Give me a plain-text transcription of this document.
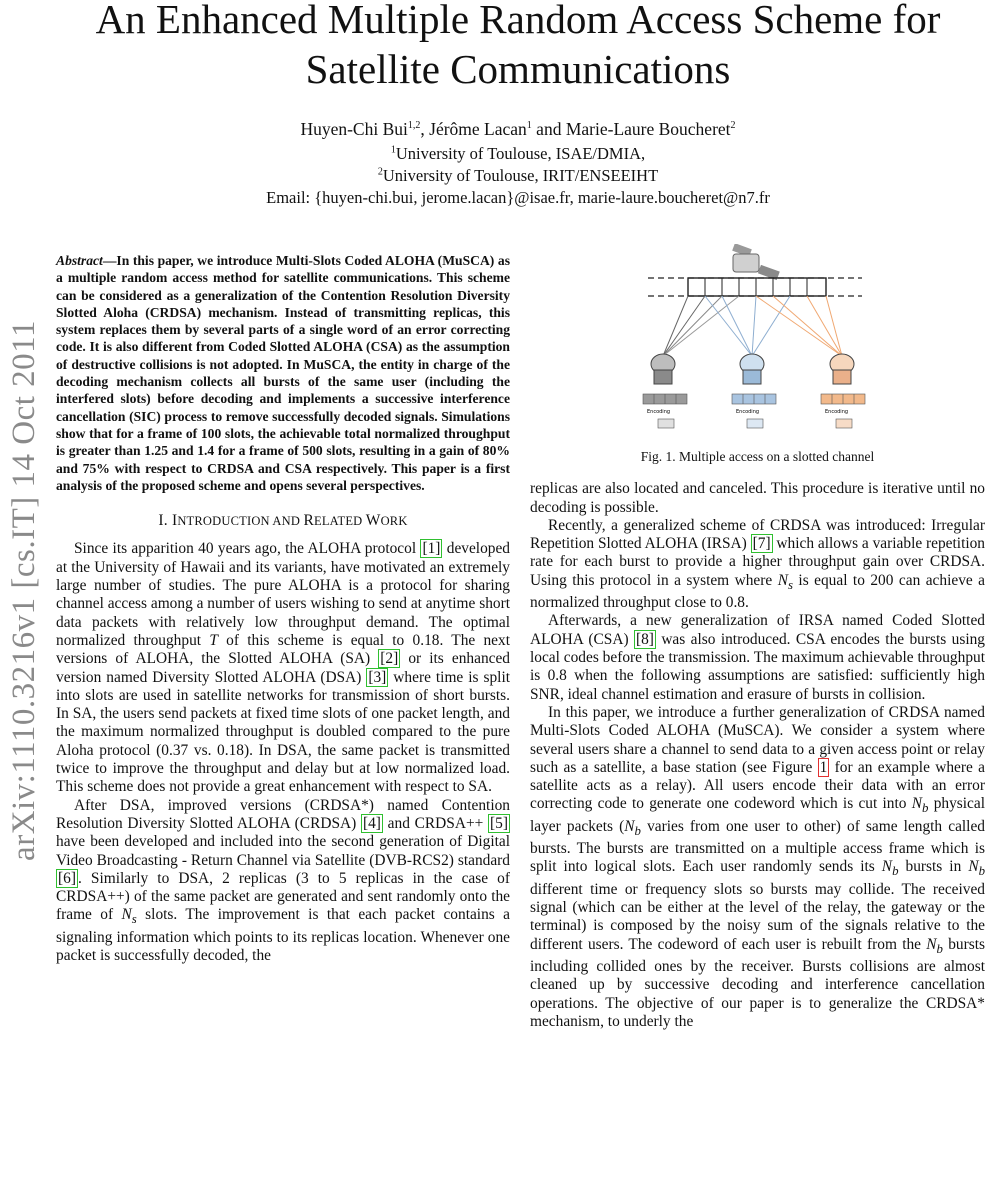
arXiv:1110.3216v1 [cs.IT] 14 Oct 2011
An Enhanced Multiple Random Access Scheme for
Satellite Communications
Huyen-Chi Bui$^{1,2}$, Jérôme Lacan$^1$ and Marie-Laure Boucheret$^2$
$^1$University of Toulouse, ISAE/DMIA,
$^2$University of Toulouse, IRIT/ENSEEIHT
Email: {huyen-chi.bui, jerome.lacan}@isae.fr, marie-laure.boucheret@n7.fr
Abstract—In this paper, we introduce Multi-Slots Coded ALOHA (MuSCA) as a multiple random access method for satellite communications. This scheme can be considered as a generalization of the Contention Resolution Diversity Slotted Aloha (CRDSA) mechanism. Instead of transmitting replicas, this system replaces them by several parts of a single word of an error correcting code. It is also different from Coded Slotted ALOHA (CSA) as the assumption of destructive collisions is not adopted. In MuSCA, the entity in charge of the decoding mechanism collects all bursts of the same user (including the interfered slots) before decoding and implements a successive interference cancellation (SIC) process to remove successfully decoded signals. Simulations show that for a frame of 100 slots, the achievable total normalized throughput is greater than 1.25 and 1.4 for a frame of 500 slots, resulting in a gain of 80% and 75% with respect to CRDSA and CSA respectively. This paper is a first analysis of the proposed scheme and opens several perspectives.
I. INTRODUCTION AND RELATED WORK

Since its apparition 40 years ago, the ALOHA protocol [1] developed at the University of Hawaii and its variants, have motivated an extremely large number of studies. The pure ALOHA is a protocol for sharing channel access among a number of users wishing to send at anytime short data packets with relatively low throughput demand. The optimal normalized throughput T of this scheme is equal to 0.18. The next versions of ALOHA, the Slotted ALOHA (SA) [2] or its enhanced version named Diversity Slotted ALOHA (DSA) [3] where time is split into slots are used in satellite networks for transmission of short bursts. In SA, the users send packets at fixed time slots of one packet length, and the maximum normalized throughput is doubled compared to the pure Aloha protocol (0.37 vs. 0.18). In DSA, the same packet is transmitted twice to improve the throughput and delay but at low normalized load. This scheme does not provide a great enhancement with respect to SA.

After DSA, improved versions (CRDSA*) named Contention Resolution Diversity Slotted ALOHA (CRDSA) [4] and CRDSA++ [5] have been developed and included into the second generation of Digital Video Broadcasting - Return Channel via Satellite (DVB-RCS2) standard [6] . Similarly to DSA, 2 replicas (3 to 5 replicas in the case of CRDSA++) of the same packet are generated and sent randomly onto the frame of $N_s$ slots. The improvement is that each packet contains a signaling information which points to its replicas location. Whenever one packet is successfully decoded, the

Encoding	Encoding	Encoding
Fig. 1. Multiple access on a slotted channel

replicas are also located and canceled. This procedure is iterative until no decoding is possible.

Recently, a generalized scheme of CRDSA was introduced: Irregular Repetition Slotted ALOHA (IRSA) [7] which allows a variable repetition rate for each burst to provide a higher throughput gain over CRDSA. Using this protocol in a system where $N_s$ is equal to 200 can achieve a normalized throughput close to 0.8.

Afterwards, a new generalization of IRSA named Coded Slotted ALOHA (CSA) [8] was also introduced. CSA encodes the bursts using local codes before the transmission. The maximum achievable throughput is 0.8 when the following assumptions are satisfied: sufficiently high SNR, ideal channel estimation and erasure of bursts in collision.

In this paper, we introduce a further generalization of CRDSA named Multi-Slots Coded ALOHA (MuSCA). We consider a system where several users share a channel to send data to a given access point or relay such as a satellite, a base station (see Figure 1 for an example where a satellite acts as a relay). All users encode their data with an error correcting code to generate one codeword which is cut into $N_b$ physical layer packets ($N_b$ varies from one user to other) of same length called bursts. The bursts are transmitted on a multiple access frame which is split into logical slots. Each user randomly sends its $N_b$ bursts in $N_b$ different time or frequency slots so bursts may collide. The received signal (which can be either at the level of the relay, the gateway or the terminal) is composed by the noisy sum of the signals relative to the different users. The codeword of each user is rebuilt from the $N_b$ bursts including collided ones by the receiver. Bursts collisions are almost cleaned up by successive decoding and interference cancellation operations. The objective of our paper is to generalize the CRDSA* mechanism, to underly the
